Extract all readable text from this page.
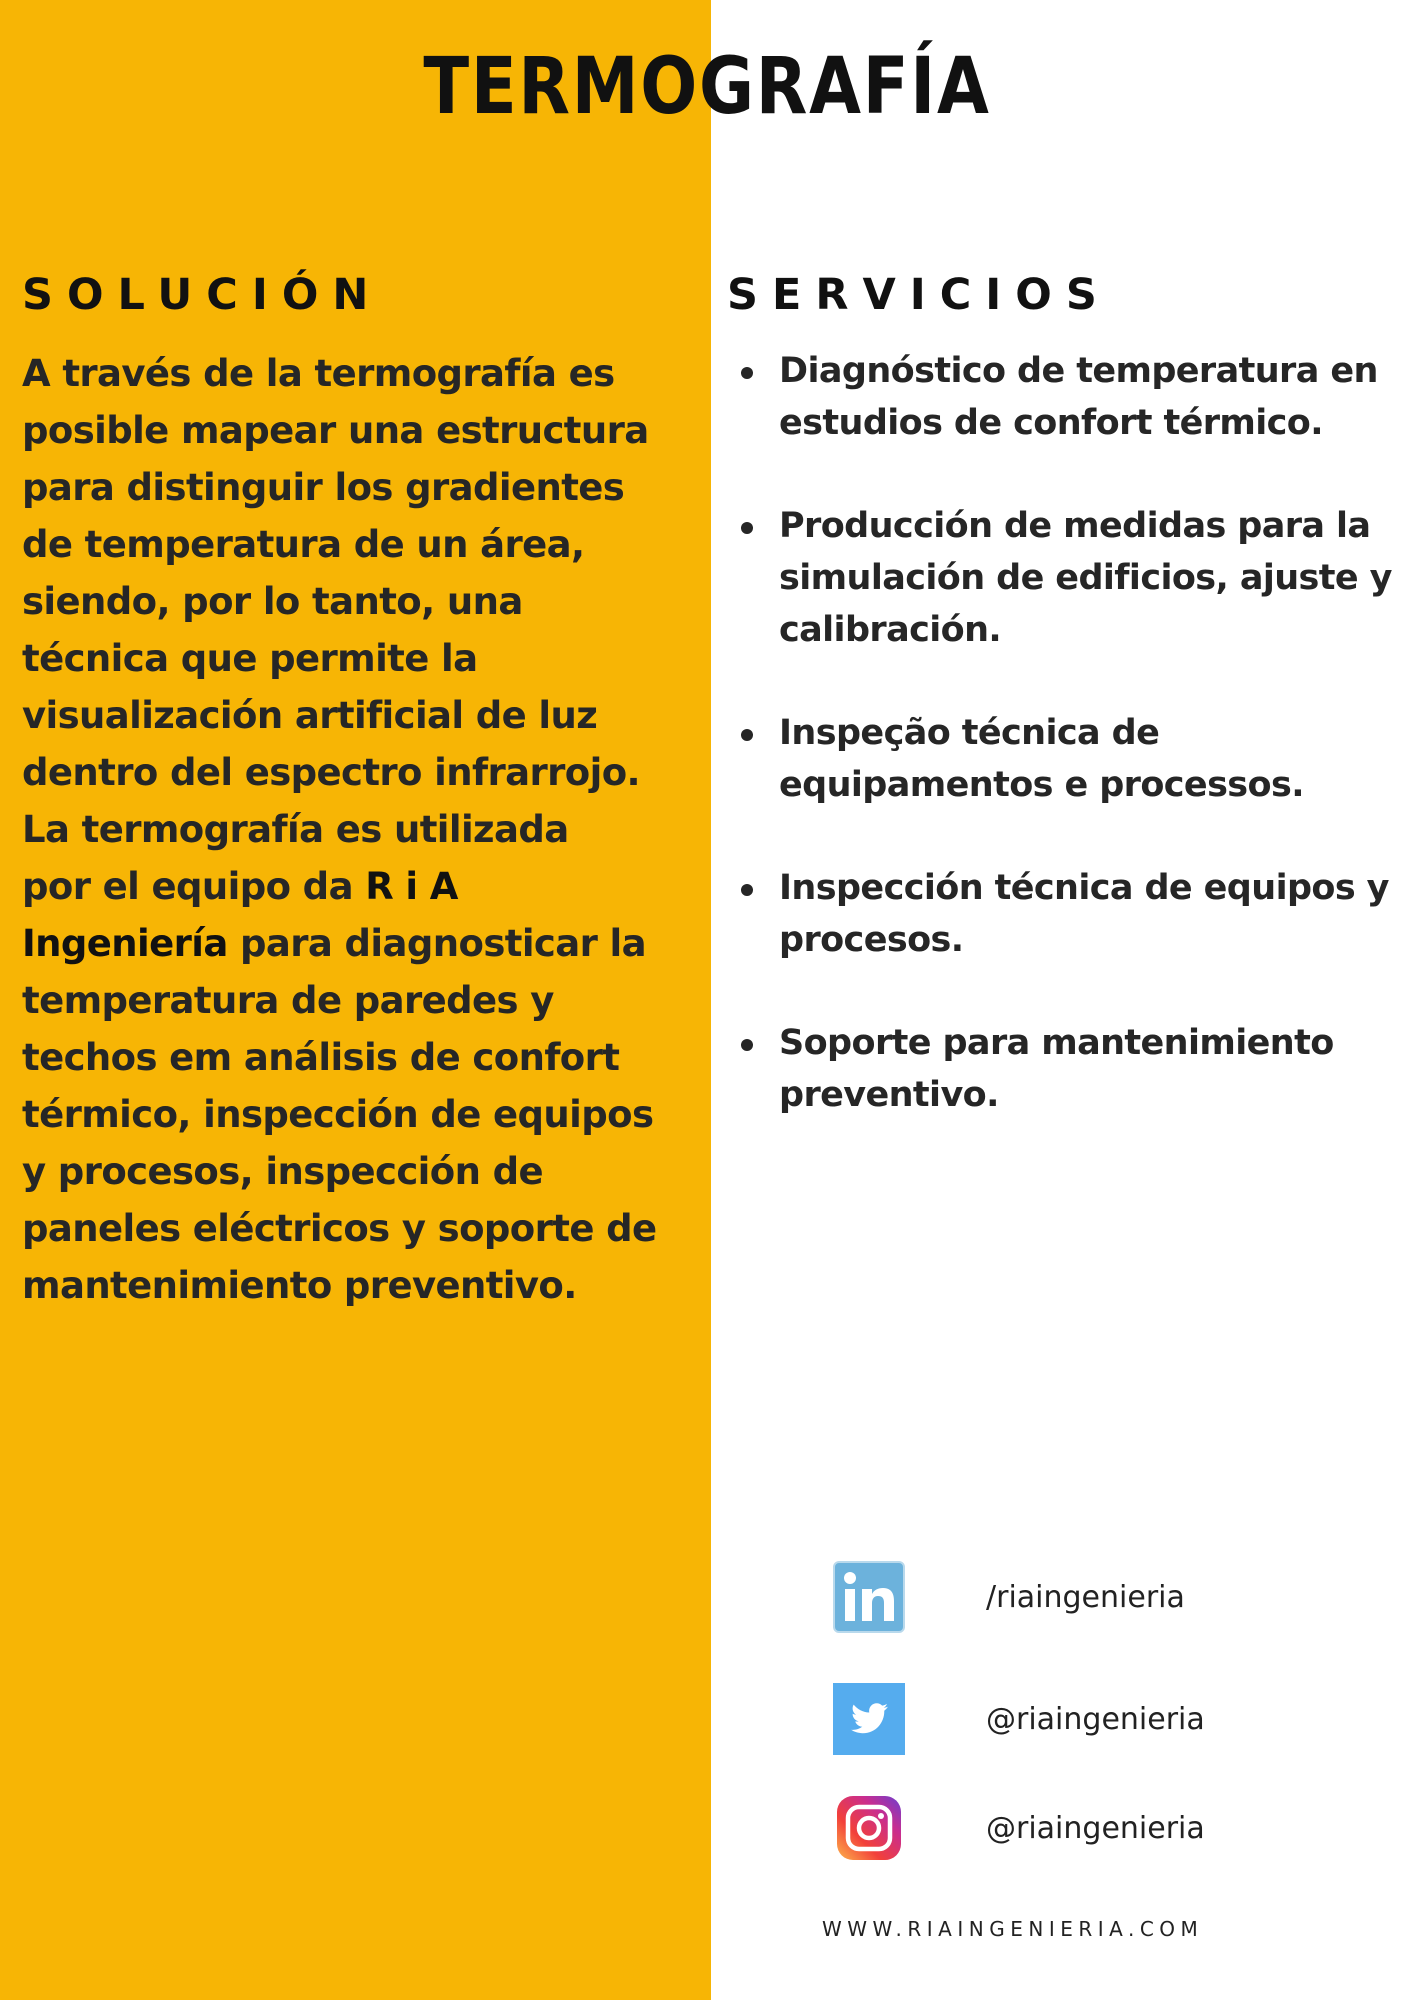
TERMOGRAFÍA
SOLUCIÓN	SERVICIOS
A través de la termografía es
posible mapear una estructura
para distinguir los gradientes
de temperatura de un área,
siendo, por lo tanto, una
técnica que permite la
visualización artificial de luz
dentro del espectro infrarrojo.
La termografía es utilizada
por el equipo da R i A
Ingeniería para diagnosticar la
temperatura de paredes y
techos em análisis de confort
térmico, inspección de equipos
y procesos, inspección de
paneles eléctricos y soporte de
mantenimiento preventivo.
Diagnóstico de temperatura en
estudios de confort térmico.
Producción de medidas para la
simulación de edificios, ajuste y
calibración.
Inspeção técnica de
equipamentos e processos.
Inspección técnica de equipos y
procesos.
Soporte para mantenimiento
preventivo.
/riaingenieria
@riaingenieria
@riaingenieria
WWW.RIAINGENIERIA.COM
